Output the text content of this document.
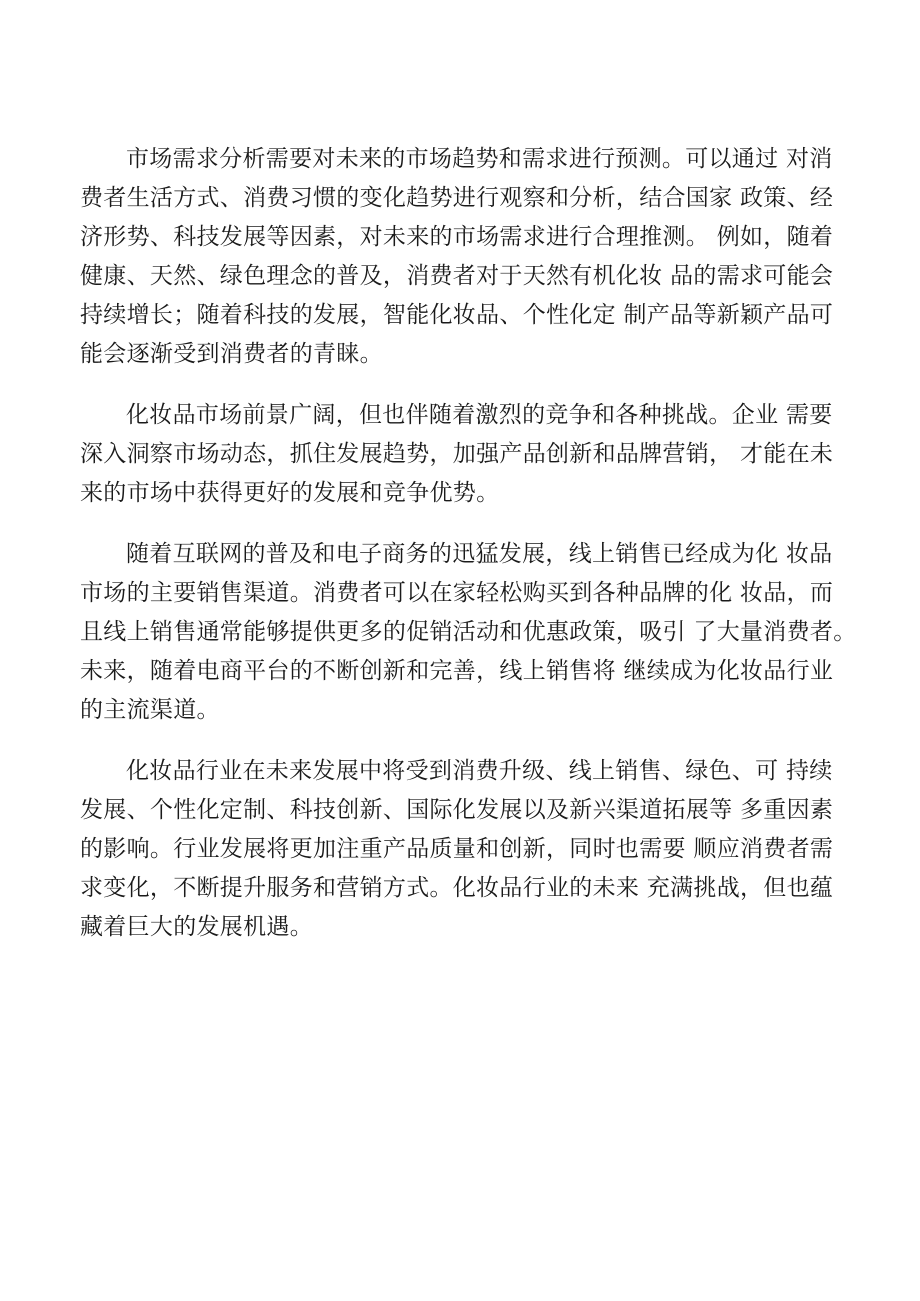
市场需求分析需要对未来的市场趋势和需求进行预测。可以通过 对消
费者生活方式、消费习惯的变化趋势进行观察和分析，结合国家 政策、经
济形势、科技发展等因素，对未来的市场需求进行合理推测。 例如，随着
健康、天然、绿色理念的普及，消费者对于天然有机化妆 品的需求可能会
持续增长；随着科技的发展，智能化妆品、个性化定 制产品等新颖产品可
能会逐渐受到消费者的青睐。

化妆品市场前景广阔，但也伴随着激烈的竞争和各种挑战。企业 需要
深入洞察市场动态，抓住发展趋势，加强产品创新和品牌营销， 才能在未
来的市场中获得更好的发展和竞争优势。

随着互联网的普及和电子商务的迅猛发展，线上销售已经成为化 妆品
市场的主要销售渠道。消费者可以在家轻松购买到各种品牌的化 妆品，而
且线上销售通常能够提供更多的促销活动和优惠政策，吸引 了大量消费者。
未来，随着电商平台的不断创新和完善，线上销售将 继续成为化妆品行业
的主流渠道。

化妆品行业在未来发展中将受到消费升级、线上销售、绿色、可 持续
发展、个性化定制、科技创新、国际化发展以及新兴渠道拓展等 多重因素
的影响。行业发展将更加注重产品质量和创新，同时也需要 顺应消费者需
求变化，不断提升服务和营销方式。化妆品行业的未来 充满挑战，但也蕴
藏着巨大的发展机遇。
